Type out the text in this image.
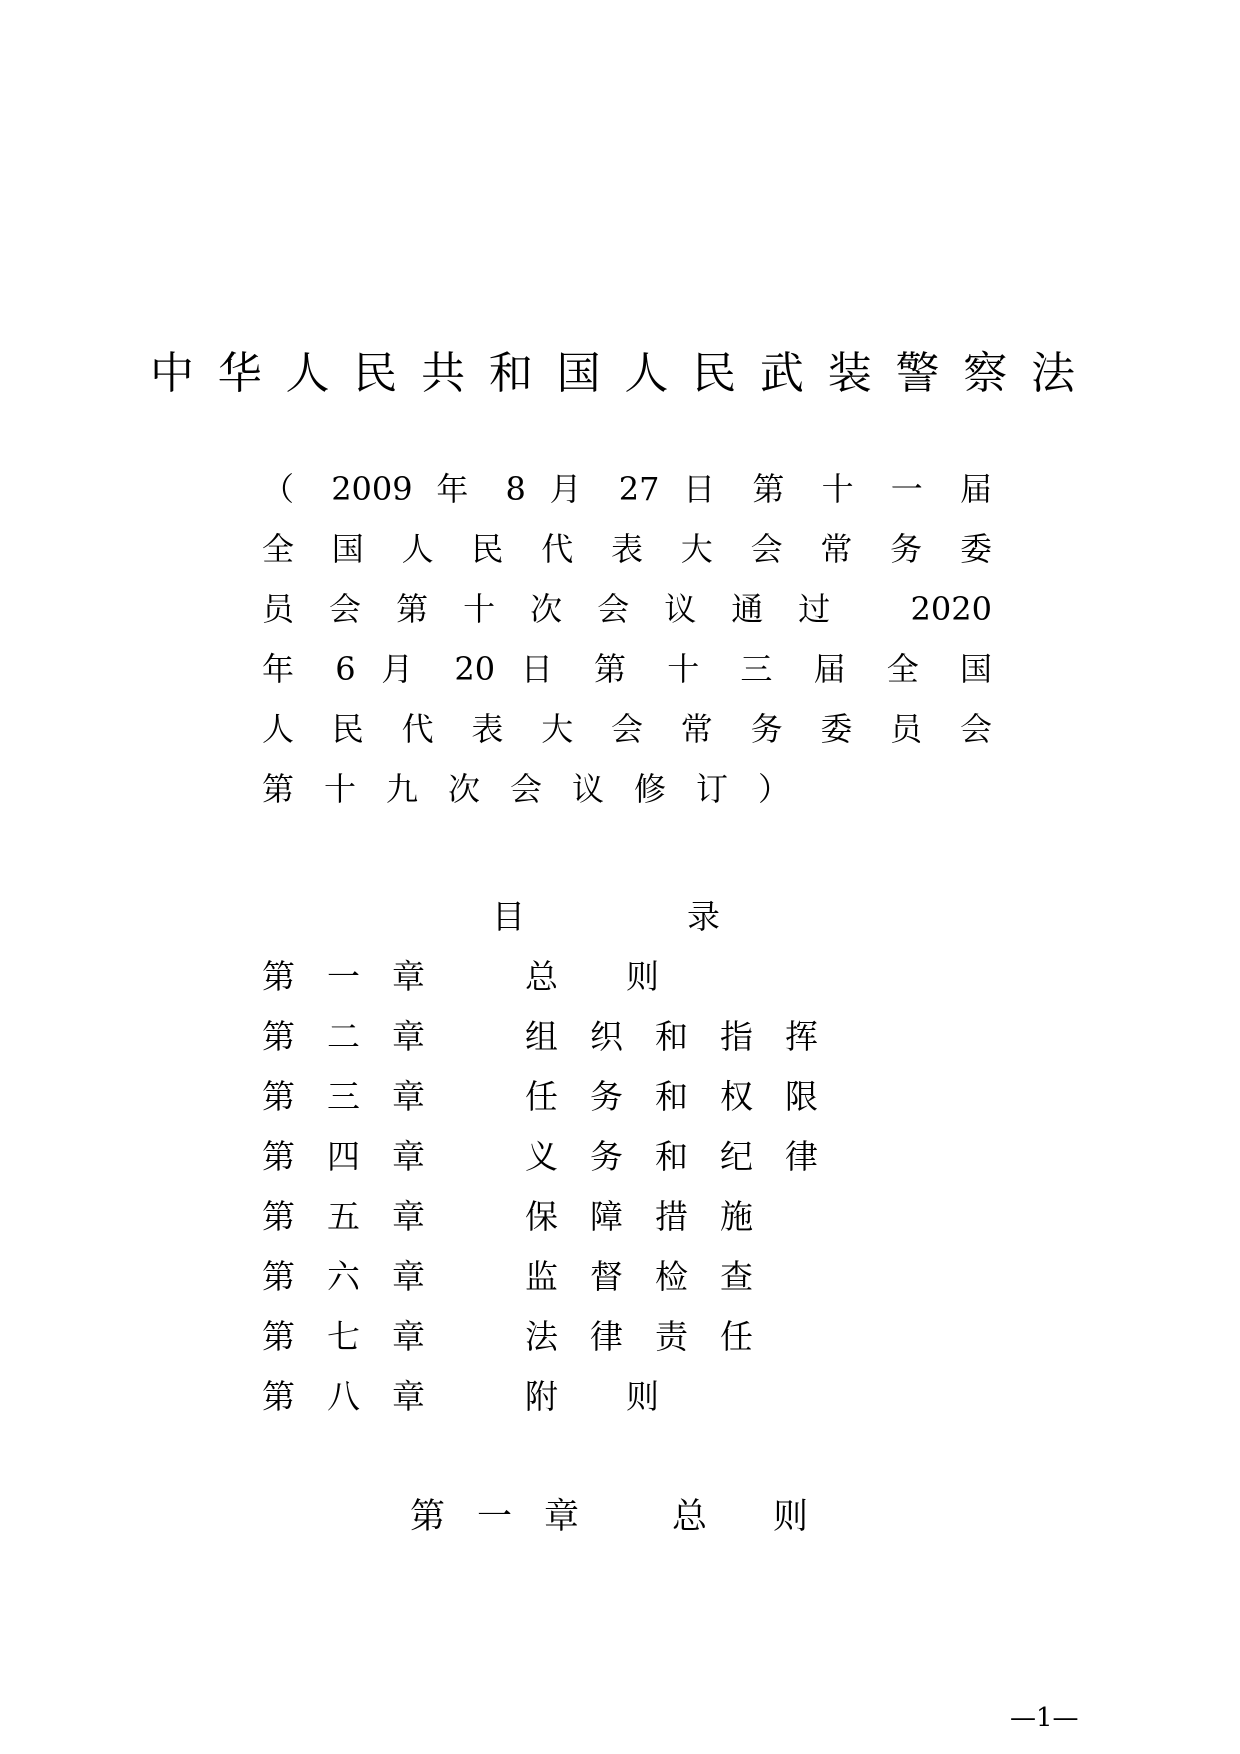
中华人民共和国人民武装警察法
（ 2009 年 8 月 27 日 第 十 一 届
全国人民代表大会常务委
员会第十次会议通过 2020
年 6 月 20 日 第 十 三 届 全 国
人民代表大会常务委员会
第十九次会议修订）
目	录
第一章 总则
第二章 组织和指挥
第三章 任务和权限
第四章 义务和纪律
第五章 保障措施
第六章 监督检查
第七章 法律责任
第八章 附则
第一章 总则
—1—
